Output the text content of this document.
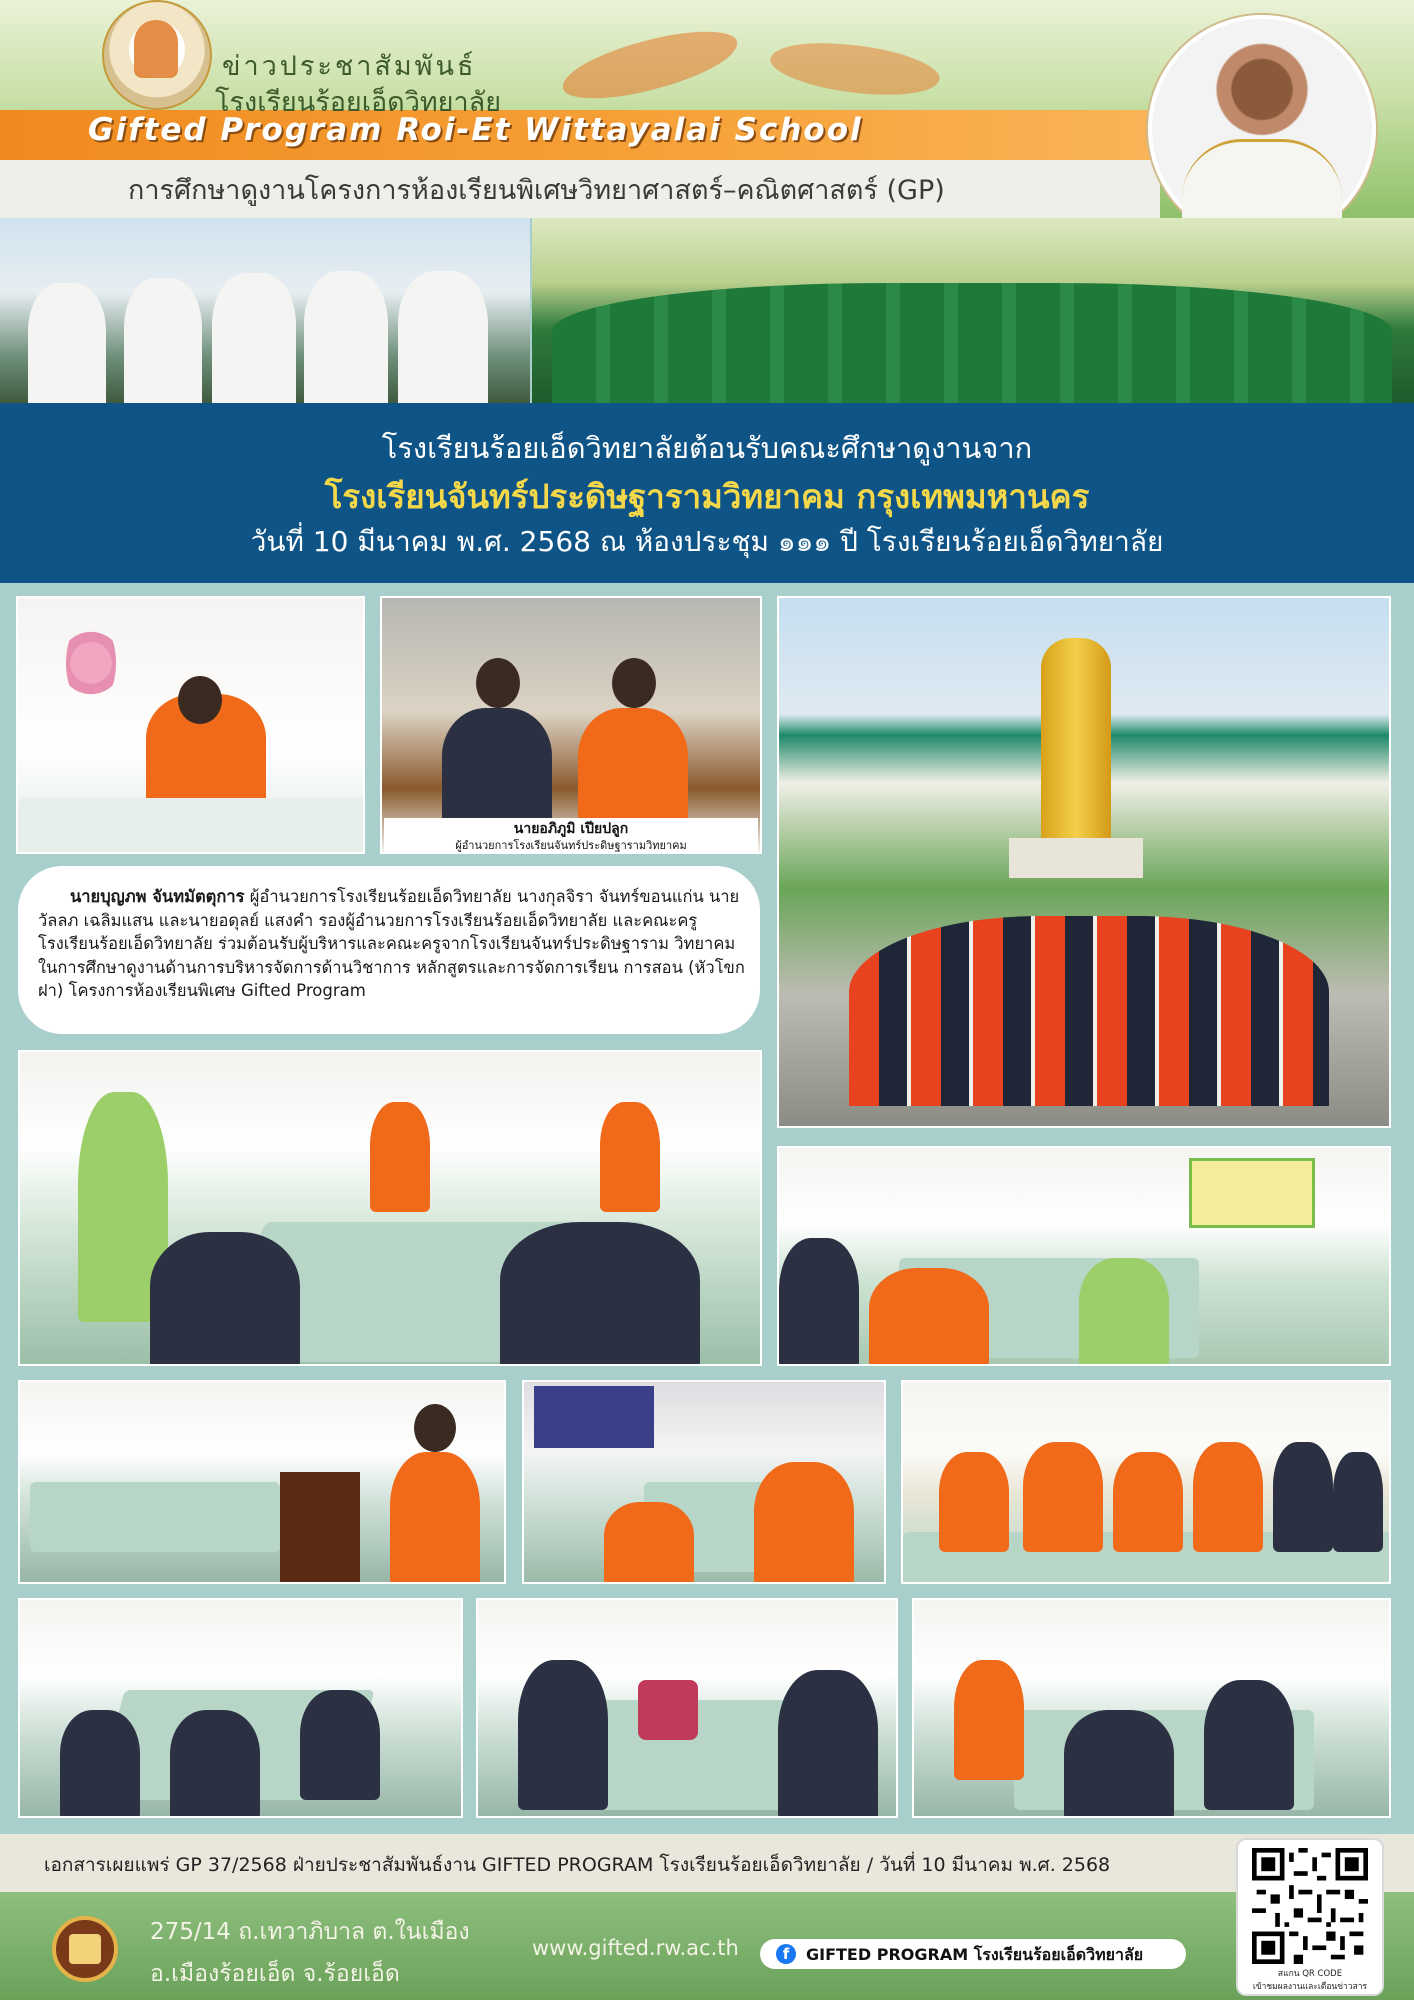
ข่าวประชาสัมพันธ์
โรงเรียนร้อยเอ็ดวิทยาลัย
Gifted Program Roi-Et Wittayalai School
การศึกษาดูงานโครงการห้องเรียนพิเศษวิทยาศาสตร์–คณิตศาสตร์ (GP)
โรงเรียนร้อยเอ็ดวิทยาลัยต้อนรับคณะศึกษาดูงานจาก
โรงเรียนจันทร์ประดิษฐารามวิทยาคม กรุงเทพมหานคร
วันที่ 10 มีนาคม พ.ศ. 2568 ณ ห้องประชุม ๑๑๑ ปี โรงเรียนร้อยเอ็ดวิทยาลัย
นายอภิภูมิ เปียปลูก
ผู้อำนวยการโรงเรียนจันทร์ประดิษฐารามวิทยาคม
นายบุญภพ จันทมัตตุการ ผู้อำนวยการโรงเรียนร้อยเอ็ดวิทยาลัย นางกุลจิรา จันทร์ขอนแก่น นายวัลลภ เฉลิมแสน และนายอดุลย์ แสงคำ รองผู้อำนวยการโรงเรียนร้อยเอ็ดวิทยาลัย และคณะครูโรงเรียนร้อยเอ็ดวิทยาลัย ร่วมต้อนรับผู้บริหารและคณะครูจากโรงเรียนจันทร์ประดิษฐาราม วิทยาคม ในการศึกษาดูงานด้านการบริหารจัดการด้านวิชาการ หลักสูตรและการจัดการเรียน การสอน (หัวโขกฝา) โครงการห้องเรียนพิเศษ Gifted Program
เอกสารเผยแพร่ GP 37/2568 ฝ่ายประชาสัมพันธ์งาน GIFTED PROGRAM โรงเรียนร้อยเอ็ดวิทยาลัย / วันที่ 10 มีนาคม พ.ศ. 2568
275/14 ถ.เทวาภิบาล ต.ในเมือง
อ.เมืองร้อยเอ็ด จ.ร้อยเอ็ด
www.gifted.rw.ac.th	f	GIFTED PROGRAM โรงเรียนร้อยเอ็ดวิทยาลัย
สแกน QR CODE
เข้าชมผลงานและเตือนข่าวสาร
